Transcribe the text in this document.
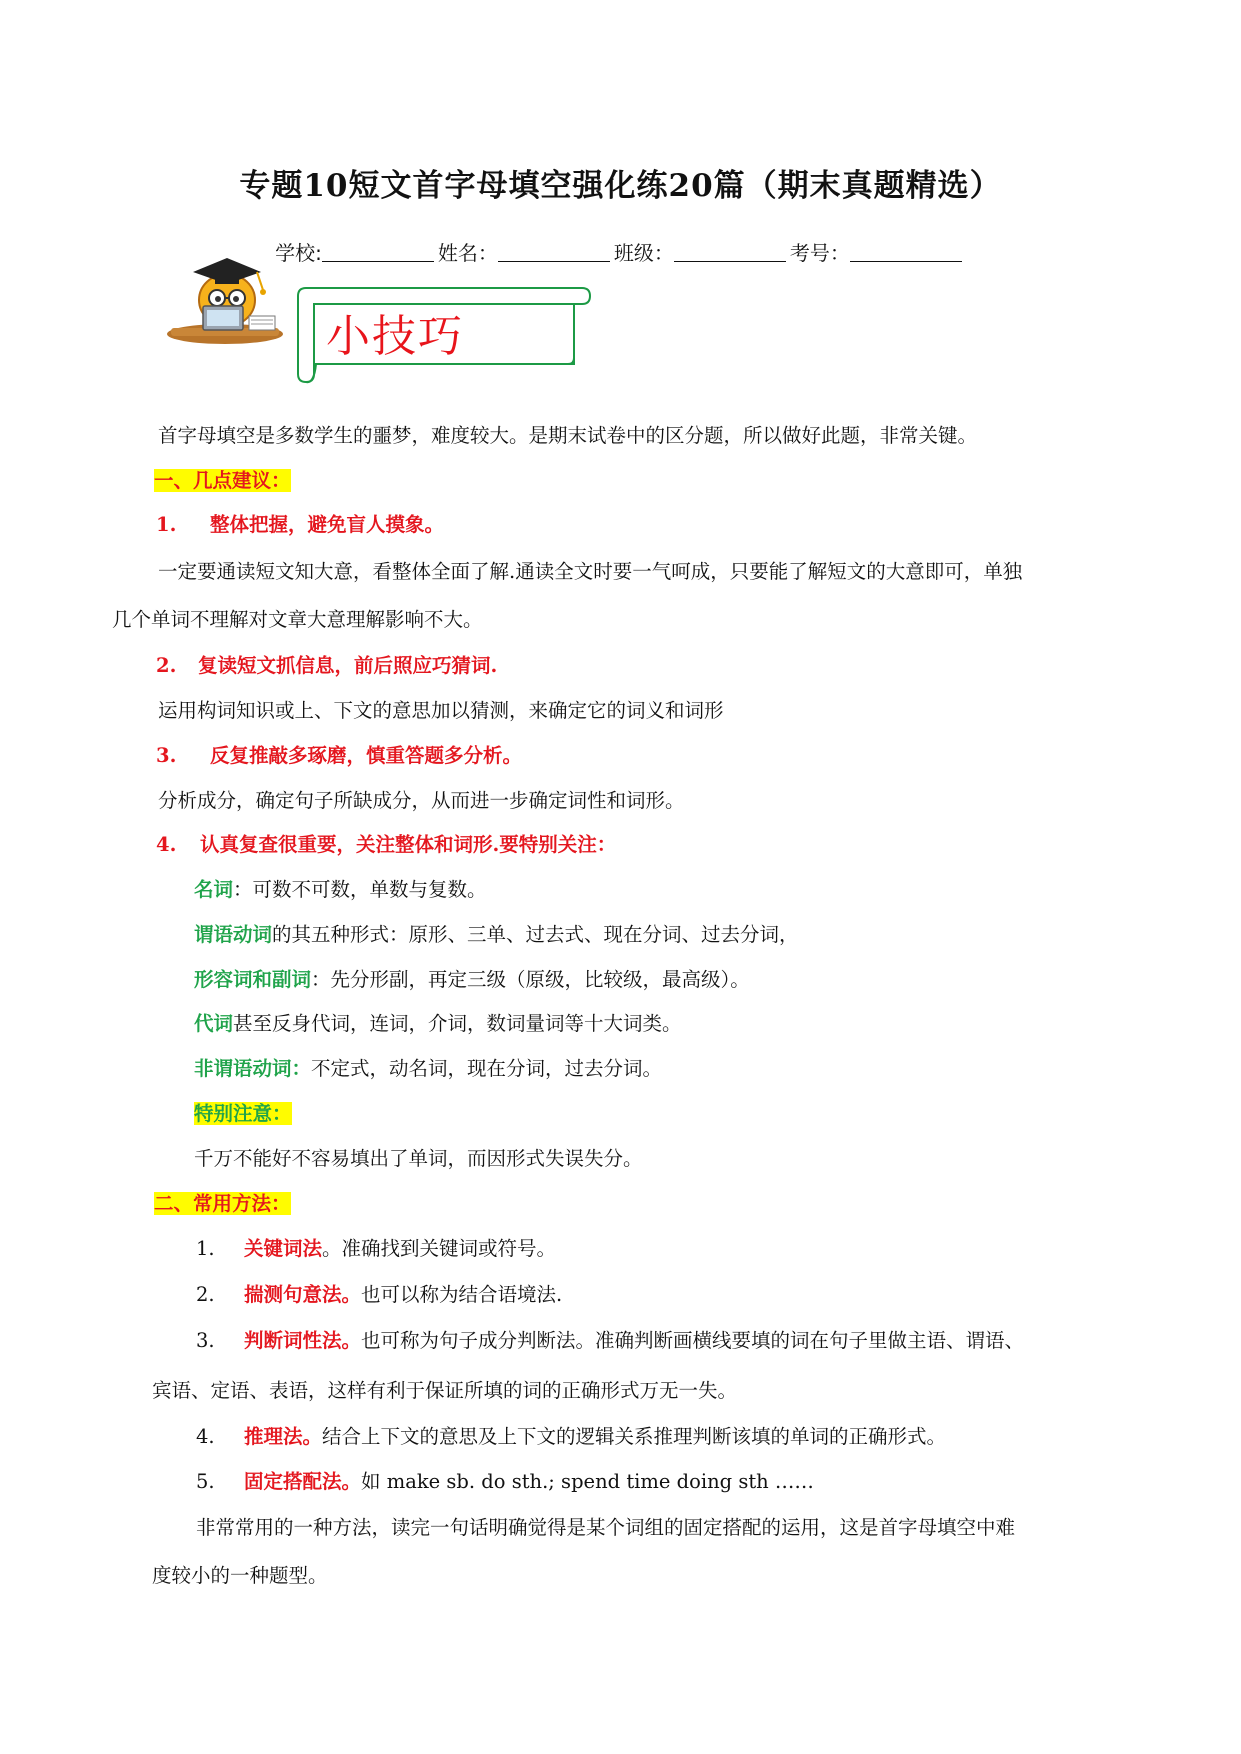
专题10短文首字母填空强化练20篇（期末真题精选）
学校:	姓名：	班级：	考号：
小技巧
首字母填空是多数学生的噩梦，难度较大。是期末试卷中的区分题，所以做好此题，非常关键。
一、几点建议：
1. 整体把握，避免盲人摸象。
一定要通读短文知大意，看整体全面了解.通读全文时要一气呵成，只要能了解短文的大意即可，单独
几个单词不理解对文章大意理解影响不大。
2. 复读短文抓信息，前后照应巧猜词.
运用构词知识或上、下文的意思加以猜测，来确定它的词义和词形
3. 反复推敲多琢磨，慎重答题多分析。
分析成分，确定句子所缺成分，从而进一步确定词性和词形。
4. 认真复查很重要，关注整体和词形.要特别关注：
名词：可数不可数，单数与复数。
谓语动词的其五种形式：原形、三单、过去式、现在分词、过去分词，
形容词和副词：先分形副，再定三级（原级，比较级，最高级）。
代词甚至反身代词，连词，介词，数词量词等十大词类。
非谓语动词：不定式，动名词，现在分词，过去分词。
特别注意：
千万不能好不容易填出了单词，而因形式失误失分。
二、常用方法：
1. 关键词法。准确找到关键词或符号。
2. 揣测句意法。也可以称为结合语境法.
3. 判断词性法。也可称为句子成分判断法。准确判断画横线要填的词在句子里做主语、谓语、
宾语、定语、表语，这样有利于保证所填的词的正确形式万无一失。
4. 推理法。结合上下文的意思及上下文的逻辑关系推理判断该填的单词的正确形式。
5. 固定搭配法。如 make sb. do sth.; spend time doing sth ……
非常常用的一种方法，读完一句话明确觉得是某个词组的固定搭配的运用，这是首字母填空中难
度较小的一种题型。
